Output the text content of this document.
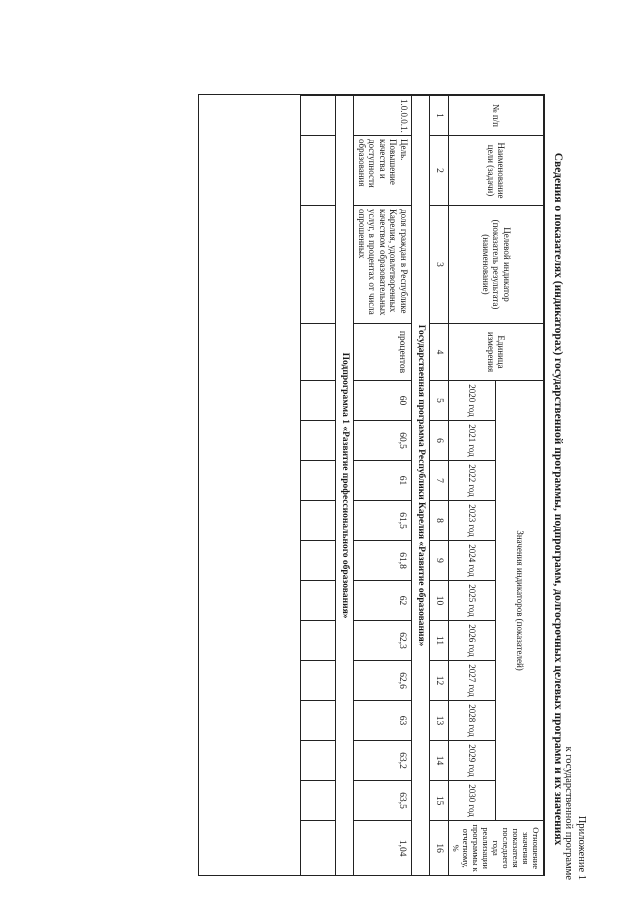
Приложение 1
к государственной программе
Сведения о показателях (индикаторах) государственной программы, подпрограмм, долгосрочных целевых программ и их значениях
№ п/п	Наименование цели (задачи)	Целевой индикатор (показатель результата) (наименование)	Единица измерения	Значения индикаторов (показателей)											Отношение значения показателя последнего года реализации программы к отчетному, %
				2020 год	2021 год	2022 год	2023 год	2024 год	2025 год	2026 год	2027 год	2028 год	2029 год	2030 год	
1	2	3	4	5	6	7	8	9	10	11	12	13	14	15	16
Государственная программа Республики Карелия «Развитие образования»															
1.0.0.0.1.	Цель. Повышение качества и доступности образования	доля граждан в Республике Карелия, удовлетворенных качеством образовательных услуг, в процентах от числа опрошенных	процентов	60	60,5	61	61,5	61,8	62	62,3	62,6	63	63,2	63,5	1,04
Подпрограмма 1 «Развитие профессионального образования»															
